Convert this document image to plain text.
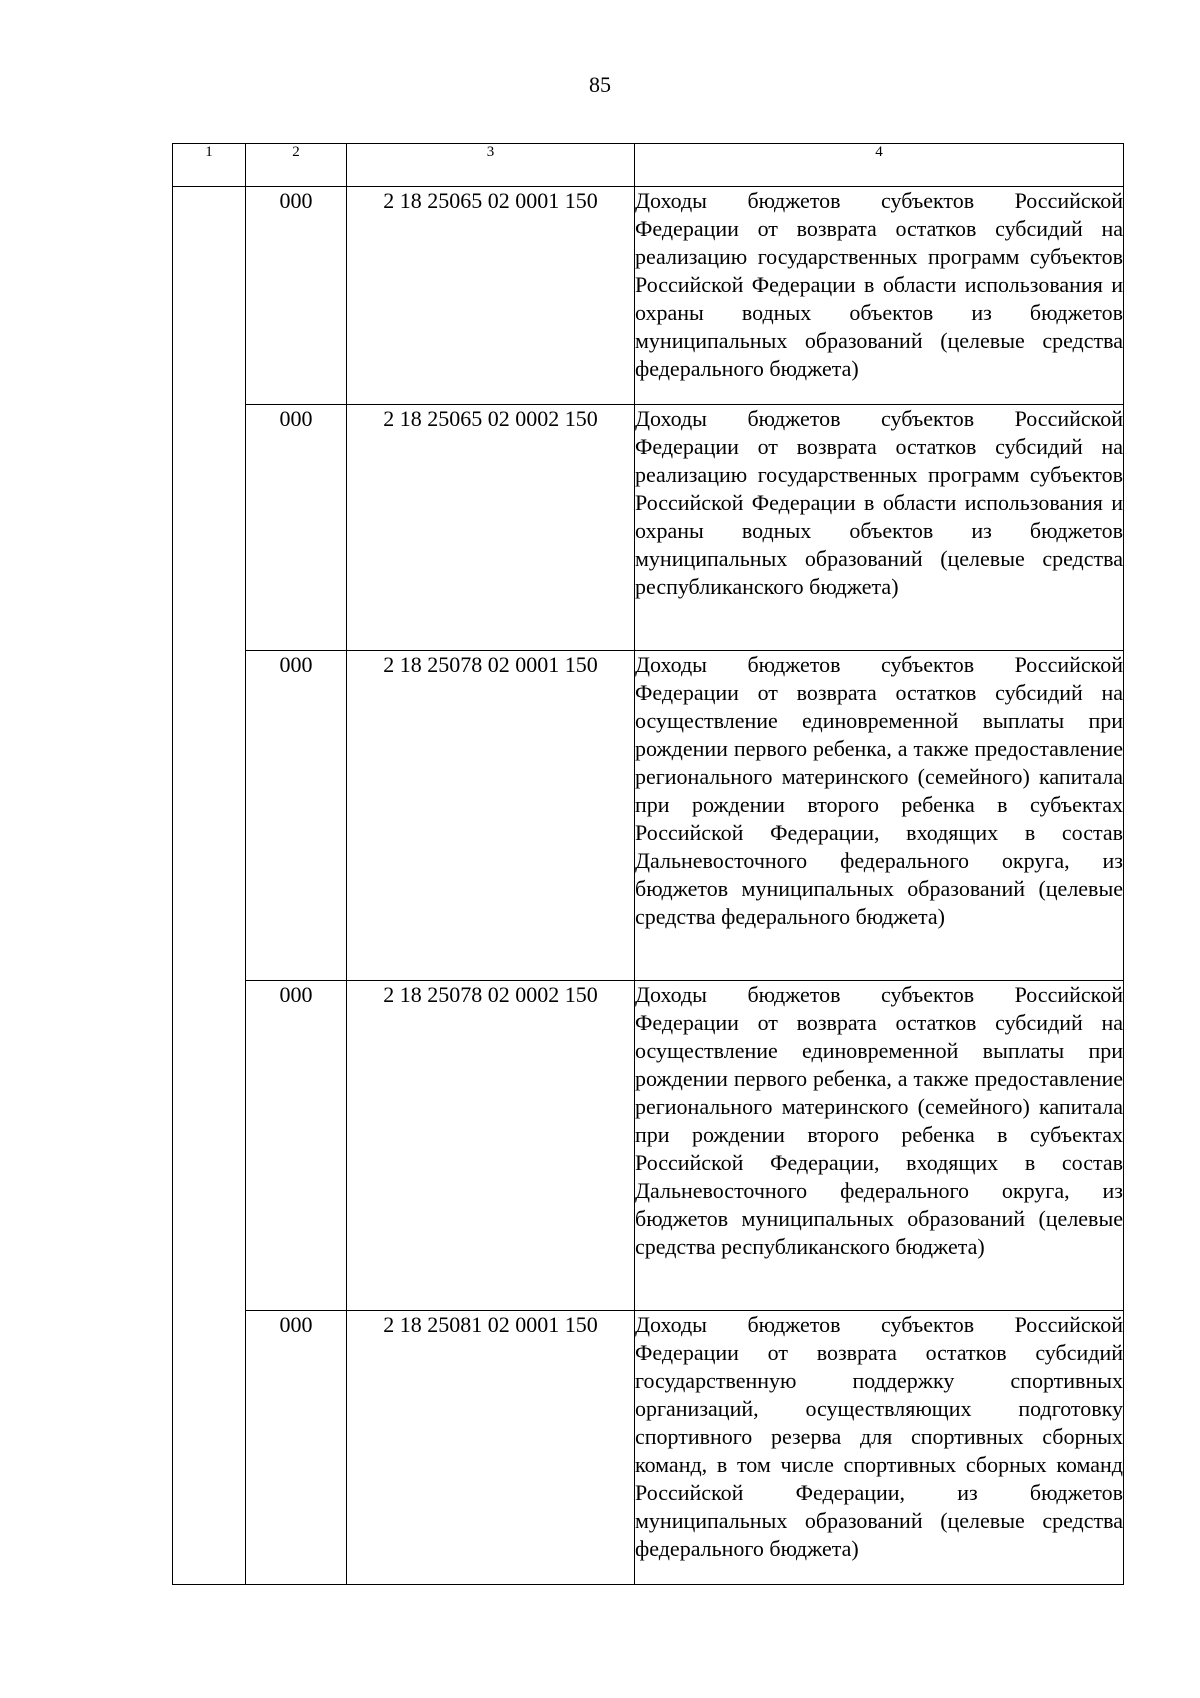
85
1	2	3	4
	000	2 18 25065 02 0001 150	Доходы бюджетов субъектов Российской Федерации от возврата остатков субсидий на реализацию государственных программ субъектов Российской Федерации в области использования и охраны водных объектов из бюджетов муниципальных образований (целевые средства федерального бюджета)
	000	2 18 25065 02 0002 150	Доходы бюджетов субъектов Российской Федерации от возврата остатков субсидий на реализацию государственных программ субъектов Российской Федерации в области использования и охраны водных объектов из бюджетов муниципальных образований (целевые средства республиканского бюджета)
	000	2 18 25078 02 0001 150	Доходы бюджетов субъектов Российской Федерации от возврата остатков субсидий на осуществление единовременной выплаты при рождении первого ребенка, а также предоставление регионального материнского (семейного) капитала при рождении второго ребенка в субъектах Российской Федерации, входящих в состав Дальневосточного федерального округа, из бюджетов муниципальных образований (целевые средства федерального бюджета)
	000	2 18 25078 02 0002 150	Доходы бюджетов субъектов Российской Федерации от возврата остатков субсидий на осуществление единовременной выплаты при рождении первого ребенка, а также предоставление регионального материнского (семейного) капитала при рождении второго ребенка в субъектах Российской Федерации, входящих в состав Дальневосточного федерального округа, из бюджетов муниципальных образований (целевые средства республиканского бюджета)
	000	2 18 25081 02 0001 150	Доходы бюджетов субъектов Российской Федерации от возврата остатков субсидий государственную поддержку спортивных организаций, осуществляющих подготовку спортивного резерва для спортивных сборных команд, в том числе спортивных сборных команд Российской Федерации, из бюджетов муниципальных образований (целевые средства федерального бюджета)
